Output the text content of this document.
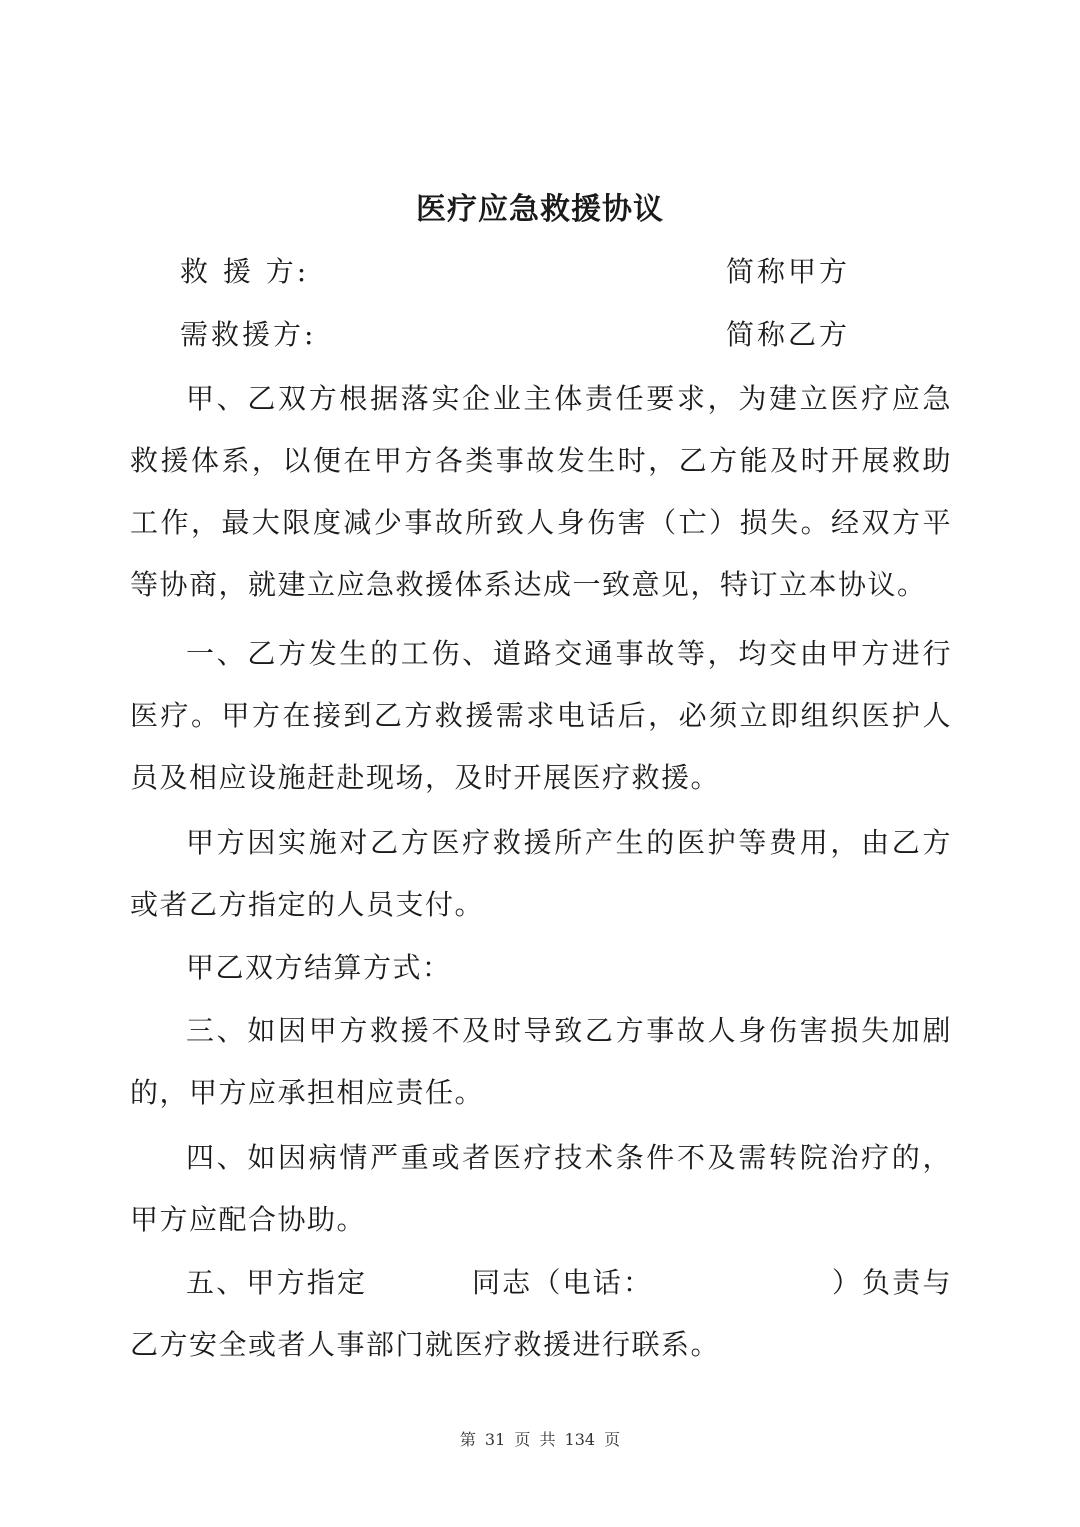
医疗应急救援协议
救 援 方:	简称甲方
需救援方:	简称乙方

甲、乙双方根据落实企业主体责任要求，为建立医疗应急救援体系，以便在甲方各类事故发生时，乙方能及时开展救助工作，最大限度减少事故所致人身伤害（亡）损失。经双方平等协商，就建立应急救援体系达成一致意见，特订立本协议。

一、乙方发生的工伤、道路交通事故等，均交由甲方进行医疗。甲方在接到乙方救援需求电话后，必须立即组织医护人员及相应设施赶赴现场，及时开展医疗救援。

甲方因实施对乙方医疗救援所产生的医护等费用，由乙方或者乙方指定的人员支付。

甲乙双方结算方式：

三、如因甲方救援不及时导致乙方事故人身伤害损失加剧的，甲方应承担相应责任。

四、如因病情严重或者医疗技术条件不及需转院治疗的，甲方应配合协助。

五、甲方指定	同志（电话：	）负责与乙方安全或者人事部门就医疗救援进行联系。

第 31 页 共 134 页
